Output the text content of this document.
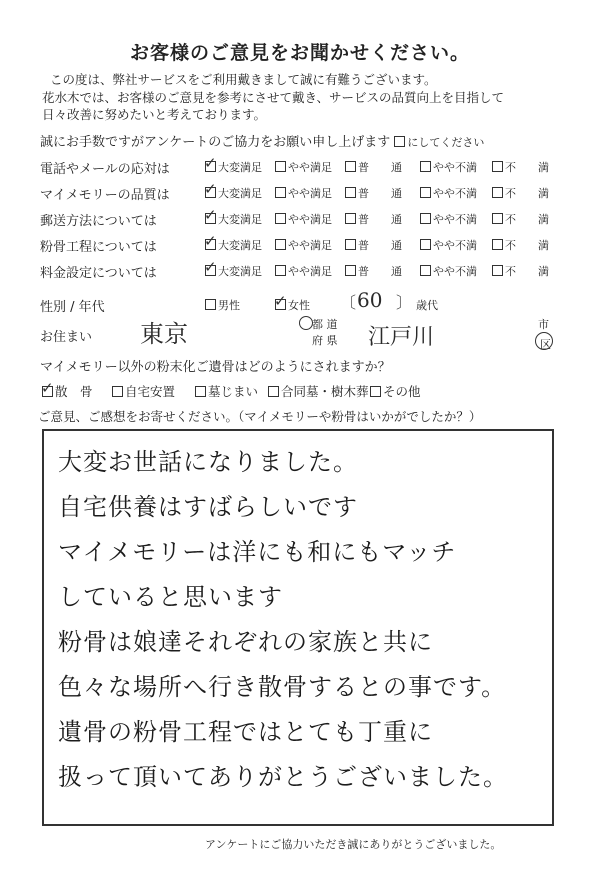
お客様のご意見をお聞かせください。
この度は、弊社サービスをご利用戴きまして誠に有難うございます。
花水木では、お客様のご意見を参考にさせて戴き、サービスの品質向上を目指して
日々改善に努めたいと考えております。
誠にお手数ですがアンケートのご協力をお願い申し上げます にしてください
電話やメールの応対は ✓	大変満足	やや満足	普　　通	やや不満	不　　満
マイメモリーの品質は ✓	大変満足	やや満足	普　　通	やや不満	不　　満
郵送方法については ✓	大変満足	やや満足	普　　通	やや不満	不　　満
粉骨工程については ✓	大変満足	やや満足	普　　通	やや不満	不　　満
料金設定については ✓	大変満足	やや満足	普　　通	やや不満	不　　満
性別 / 年代	男性 ✓	女性 〔 60 〕 歳代
お住まい 東京	都 道
府 県 江戸川
市
区
マイメモリー以外の粉末化ご遺骨はどのようにされますか？
✓散　骨	自宅安置	墓じまい	合同墓・樹木葬	その他
ご意見、ご感想をお寄せください。（マイメモリーや粉骨はいかがでしたか？）
大変お世話になりました。
自宅供養はすばらしいです
マイメモリーは洋にも和にもマッチ
していると思います
粉骨は娘達それぞれの家族と共に
色々な場所へ行き散骨するとの事です。
遺骨の粉骨工程ではとても丁重に
扱って頂いてありがとうございました。
アンケートにご協力いただき誠にありがとうございました。
